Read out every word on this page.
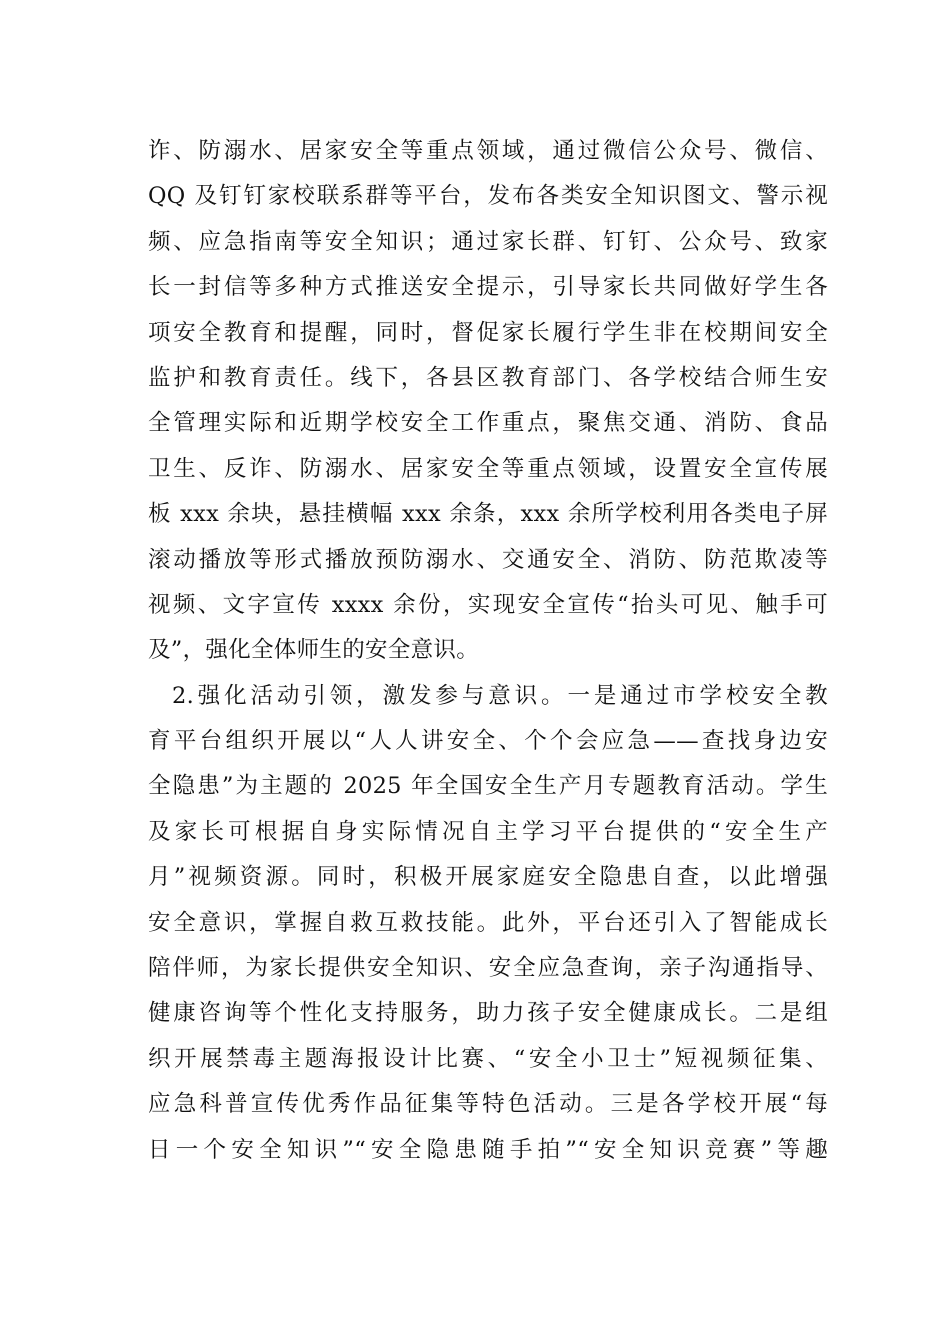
诈、防溺水、居家安全等重点领域，通过微信公众号、微信、
QQ 及钉钉家校联系群等平台，发布各类安全知识图文、警示视
频、应急指南等安全知识；通过家长群、钉钉、公众号、致家
长一封信等多种方式推送安全提示，引导家长共同做好学生各
项安全教育和提醒，同时，督促家长履行学生非在校期间安全
监护和教育责任。线下，各县区教育部门、各学校结合师生安
全管理实际和近期学校安全工作重点，聚焦交通、消防、食品
卫生、反诈、防溺水、居家安全等重点领域，设置安全宣传展
板 xxx 余块，悬挂横幅 xxx 余条，xxx 余所学校利用各类电子屏
滚动播放等形式播放预防溺水、交通安全、消防、防范欺凌等
视频、文字宣传 xxxx 余份，实现安全宣传“抬头可见、触手可
及”，强化全体师生的安全意识。
2.强化活动引领，激发参与意识。一是通过市学校安全教
育平台组织开展以“人人讲安全、个个会应急——查找身边安
全隐患”为主题的 2025 年全国安全生产月专题教育活动。学生
及家长可根据自身实际情况自主学习平台提供的“安全生产
月”视频资源。同时，积极开展家庭安全隐患自查，以此增强
安全意识，掌握自救互救技能。此外，平台还引入了智能成长
陪伴师，为家长提供安全知识、安全应急查询，亲子沟通指导、
健康咨询等个性化支持服务，助力孩子安全健康成长。二是组
织开展禁毒主题海报设计比赛、“安全小卫士”短视频征集、
应急科普宣传优秀作品征集等特色活动。三是各学校开展“每
日一个安全知识”“安全隐患随手拍”“安全知识竞赛”等趣
